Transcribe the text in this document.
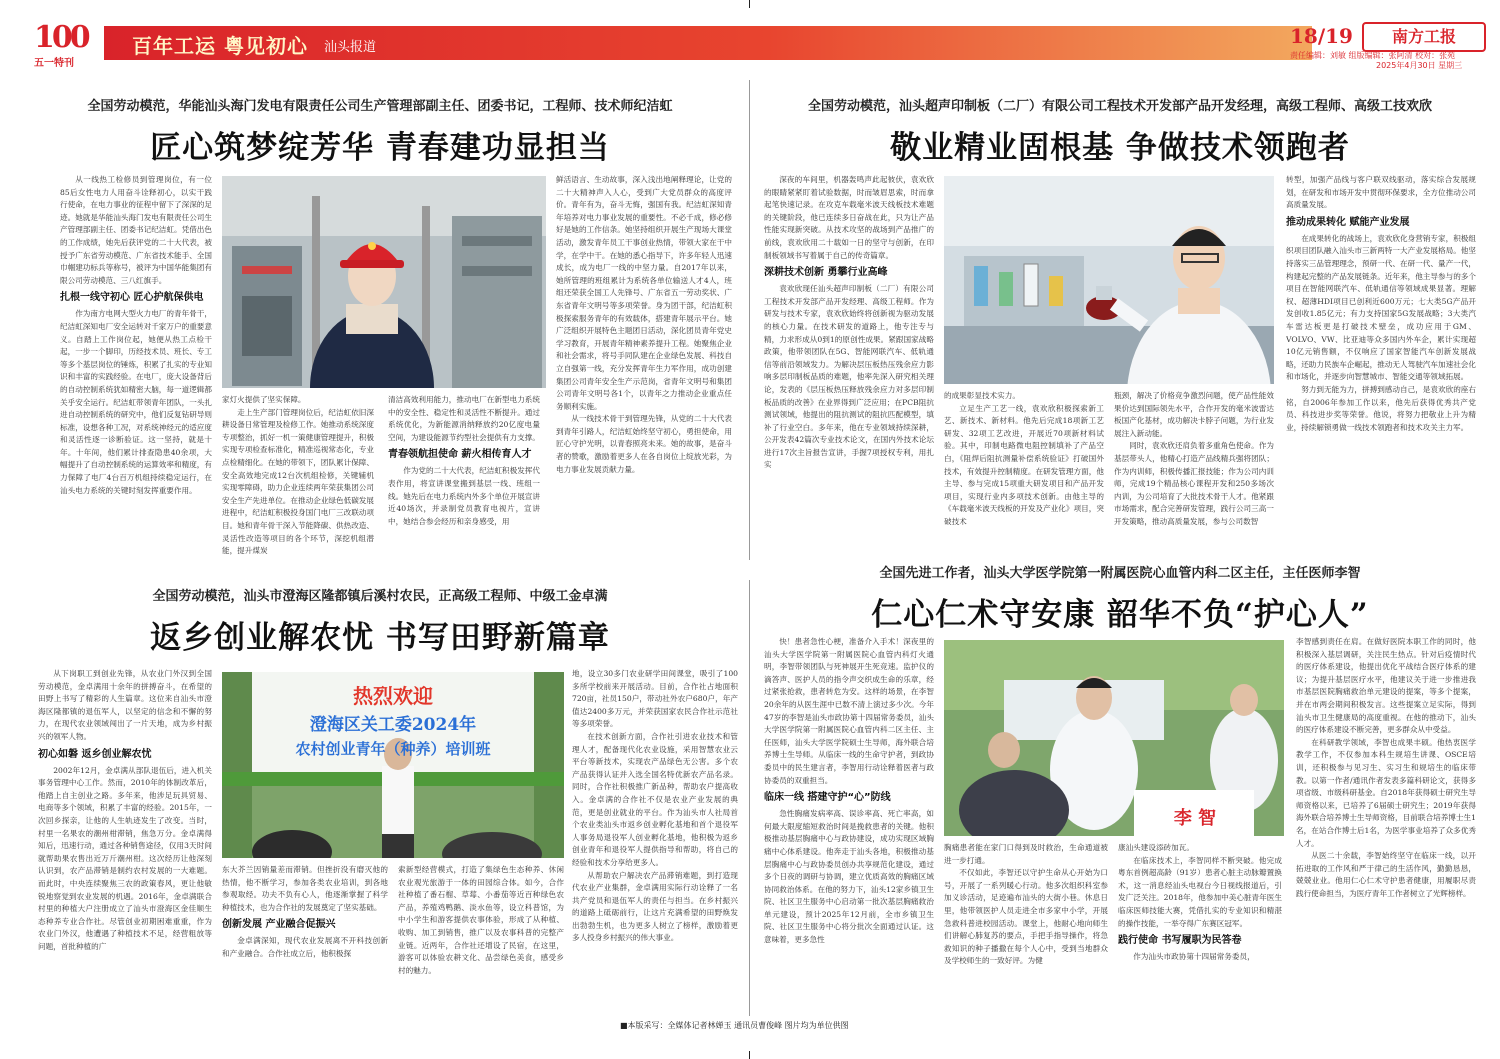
100
五一特刊
百年工运 粤见初心 汕头报道	18/19	南方工报
责任编辑：刘敏 组版编辑：张阿清 校对：张苑
2025年4月30日 星期三
全国劳动模范，华能汕头海门发电有限责任公司生产管理部副主任、团委书记，工程师、技术师纪洁虹
匠心筑梦绽芳华 青春建功显担当

从一线热工检修员到管理岗位，有一位85后女性电力人用奋斗诠释初心，以实干践行使命，在电力事业的征程中留下了深深的足迹。她就是华能汕头海门发电有限责任公司生产管理部副主任、团委书记纪洁虹。凭借出色的工作成绩，她先后获评党的二十大代表，被授予广东省劳动模范、广东省技术能手、全国巾帼建功标兵等称号，被评为中国华能集团有限公司劳动模范、三八红旗手。

扎根一线守初心 匠心护航保供电

作为南方电网大型火力电厂的青年骨干，纪洁虹深知电厂安全运转对千家万户的重要意义。自踏上工作岗位起，她便从热工点检干起，一步一个脚印，历经技术员、班长、专工等多个基层岗位的锤炼，积累了扎实的专业知识和丰富的实践经验。在电厂，庞大设备背后的自动控制系统犹如精密大脑，每一道逻辑都关乎安全运行。纪洁虹带领青年团队，一头扎进自动控制系统的研究中，他们反复钻研导则标准，设想各种工况，对系统神经元的适应度和灵活性逐一诊断验证。这一坚持，就是十年。十年间，他们累计排查隐患40余项，大幅提升了自动控制系统的运算效率和精度，有力保障了电厂4台百万机组持续稳定运行，在汕头电力系统的关键时刻发挥重要作用。

家灯火提供了坚实保障。

走上生产部门管理岗位后，纪洁虹依旧深耕设备日常管理及检修工作。她推动系统深度专项整治，抓好一机一策健康管理提升，积极实现专项检查标准化，精准巡视常态化，专业点检精细化。在她的带领下，团队累计保障、安全高效地完成12台次机组检修，关键辅机实现零障碍，助力企业连续两年荣获集团公司安全生产先进单位。在推动企业绿色低碳发展进程中，纪洁虹积极投身国门电厂三改联动项目。她和青年骨干深入节能降碳、供热改造、灵活性改造等项目的各个环节，深挖机组潜能，提升煤炭

清洁高效利用能力，推动电厂在新型电力系统中的安全性、稳定性和灵活性不断提升。通过系统优化，为新能源消纳释放约20亿度电量空间，为建设能源节约型社会提供有力支撑。

青春领航担使命 薪火相传育人才

作为党的二十大代表，纪洁虹积极发挥代表作用，将宣讲课堂搬到基层一线、班组一线。她先后在电力系统内外多个单位开展宣讲近40场次，并录制党员教育电视片，宣讲中，她结合参会经历和亲身感受，用

鲜活语言、生动故事，深入浅出地阐释理论，让党的二十大精神声入人心，受到广大党员群众的高度评价。青年有为，奋斗无悔，强国有我。纪洁虹深知青年培养对电力事业发展的重要性。不必千成，修必修好是她的工作信条。她坚持组织开展生产现场大课堂活动，激发青年员工干事创业热情，带领大家在干中学，在学中干。在她的悉心指导下，许多年轻人迅速成长，成为电厂一线的中坚力量。自2017年以来，她所管理的班组累计为系统各单位输送人才4人，班组还荣获全国工人先锋号、广东省五一劳动奖状、广东省青年文明号等多项荣誉。身为团干部，纪洁虹积极探索服务青年的有效载体，搭建青年展示平台。她广泛组织开展特色主题团日活动，深化团员青年党史学习教育，开展青年精神素养提升工程。她聚焦企业和社会需求，将号手同队建在企业绿色发展、科技自立自强第一线，充分发挥青年生力军作用，成功创建集团公司青年安全生产示范岗，省青年文明号和集团公司青年文明号各1个，以青年之力推动企业重点任务顺利实施。

从一线技术骨干到管理先锋，从党的二十大代表到青年引路人，纪洁虹始终坚守初心，勇担使命，用匠心守护光明，以青春照亮未来。她的故事，是奋斗者的赞歌，激励着更多人在各自岗位上绽放光彩，为电力事业发展贡献力量。

全国劳动模范，汕头超声印制板（二厂）有限公司工程技术开发部产品开发经理，高级工程师、高级工技欢欣
敬业精业固根基 争做技术领跑者

深夜的车间里，机器轰鸣声此起彼伏，袁欢欣的眼睛紧紧盯着试验数据，时而皱眉思索，时而拿起笔快速记录。在攻克车载毫米波天线板技术难题的关键阶段，他已连续多日奋战在此，只为让产品性能实现新突破。从技术攻坚的战场到产品推广的前线，袁欢欣用二十载如一日的坚守与创新，在印制板领域书写着属于自己的传奇篇章。

深耕技术创新 勇攀行业高峰

袁欢欣现任汕头超声印制板（二厂）有限公司工程技术开发部产品开发经理、高级工程师。作为研发与技术专家，袁欢欣始终将创新视为驱动发展的核心力量。在技术研发的道路上，他专注专与精，力求形成从0到1的原创性成果。紧跟国家战略政策，他带领团队在5G、智能网联汽车、低轨通信等前沿领域发力。为解决层压板热压残余应力影响多层印制板品质的难题，他率先深入研究相关理论，发表的《层压板热压释放残余应力对多层印制板品质的改善》在业界得到广泛应用；在PCB阻抗测试领域，他提出的阻抗测试的阻抗匹配模型，填补了行业空白。多年来，他在专业领域持续深耕，公开发表42篇次专业技术论文，在国内外技术论坛进行17次主旨报告宣讲，手握7项授权专利，用扎实

的成果彰显技术实力。

立足生产工艺一线，袁欢欣积极探索新工艺、新技术、新材料。他先后完成18项新工艺研发、32项工艺改进，开展近70项新材料试验。其中，印制电路微电阻控制填补了产品空白，《阻焊后阻抗测量补偿系统验证》打破国外技术，有效提升控制精度。在研发管理方面，他主导、参与完成15项重大研发项目和产品开发项目，实现行业内多项技术创新。由他主导的《车载毫米波天线板的开发及产业化》项目，突破技术

瓶颈，解决了价格竞争激烈问题，使产品性能效果价达到国际领先水平，合作开发的毫米波雷达板国产化基材，成功解决卡脖子问题，为行业发展注入新动能。

同时，袁欢欣还肩负着多重角色使命。作为基层带头人，他精心打造产品线精兵强将团队；作为内训师，积极传播汇报技能；作为公司内训师，完成19个精品核心课程开发和250多场次内训，为公司培育了大批技术骨干人才。他紧跟市场需求，配合完善研发管理，践行公司三高一开发策略，推动高质量发展，参与公司数智

转型，加强产品线与客户联双线驱动，落实综合发展规划，在研发和市场开发中贯彻环保要求，全方位推动公司高质量发展。

推动成果转化 赋能产业发展

在成果转化的战场上，袁欢欣化身营销专家，积极组织项目团队融入汕头市三新两特一大产业发展格局。他坚持落实三品管理理念，预研一代、在研一代、量产一代，构建起完整的产品发展链条。近年来，他主导参与的多个项目在智能网联汽车、低轨通信等领域成果显著。理解权、超薄HDI项目已创利近600万元；七大类5G产品开发创收1.85亿元；有力支持国家5G发展战略；3大类汽车雷达板更是打破技术壁垒，成功应用于GM、VOLVO、VW、比亚迪等众多国内外车企，累计实现超10亿元销售额，不仅响应了国家智能汽车创新发展战略，还助力民族车企崛起，推动无人驾驶汽车加速社会化和市场化，并逐步向智慧城市、智能交通等领域拓展。

努力到无能为力，拼搏到感动自己，是袁欢欣的座右铭，自2006年参加工作以来，他先后获得优秀共产党员、科技进步奖等荣誉。他说，将努力把敬业上升为精业，持续解锁勇做一线技术领跑者和技术攻关主力军。

全国劳动模范，汕头市澄海区隆都镇后溪村农民，正高级工程师、中级工金卓满
返乡创业解农忧 书写田野新篇章

从下岗职工到创业先锋，从农业门外汉到全国劳动模范，金卓满用十余年的拼搏奋斗，在希望的田野上书写了精彩的人生篇章。这位来自汕头市澄海区隆都镇的退伍军人，以坚定的信念和不懈的努力，在现代农业领域闯出了一片天地，成为乡村振兴的领军人物。

初心如磐 返乡创业解农忧

2002年12月，金卓满从部队退伍后，进入机关事务管理中心工作。然而，2010年的体制改革后，他踏上自主创业之路。多年来，他涉足玩具贸易、电商等多个领域，积累了丰富的经验。2015年，一次回乡探亲，让他的人生轨迹发生了改变。当时，村里一名果农的潮州柑滞销，焦急万分。金卓满得知后，迅速行动，通过各种销售途径，仅用3天时间就帮助果农售出近万斤潮州柑。这次经历让他深刻认识到，农产品滞销是制约农村发展的一大难题。而此时，中央连续聚焦三农的政策春风，更让他敏锐地察觉到农业发展的机遇。2016年，金卓满联合村里的种植大户注册成立了汕头市澄海区金佳顺生态种养专业合作社。尽管创业初期困难重重，作为农业门外汉，他遭遇了种植技术不足，经营粗放等问题，首批种植的广

热烈欢迎
澄海区关工委2024年
农村创业青年（种养）培训班

东大芥兰因销量差而滞销。但挫折没有磨灭他的热情，他不断学习，参加各类农业培训，到各地参观取经。功夫不负有心人，他逐渐掌握了科学种植技术，也为合作社的发展奠定了坚实基础。

创新发展 产业融合促振兴

金卓满深知，现代农业发展离不开科技创新和产业融合。合作社成立后，他积极探

索新型经营模式，打造了集绿色生态种养、休闲农业观光旅游于一体的田园综合体。如今，合作社种植了番石榴、草莓、小番茄等近百种绿色农产品，养殖鸡鸭鹅、淡水鱼等，设立科普馆，为中小学生和游客提供农事体验，形成了从种植、收购、加工到销售，推广以及农事科普的完整产业链。近两年，合作社还增设了民宿，在这里，游客可以体验农耕文化、品尝绿色美食，感受乡村的魅力。

地，设立30多门农业研学田间课堂，吸引了100多所学校前来开展活动。目前，合作社占地面积720亩，社员150户，带动社外农户680户，年产值达2400多万元，并荣获国家农民合作社示范社等多项荣誉。

在技术创新方面，合作社引进农业技术和管理人才，配备现代化农业设施，采用智慧农业云平台等新技术，实现农产品绿色无公害。多个农产品获得认证并入选全国名特优新农产品名录。同时，合作社积极推广新品种，帮助农户提高收入。金卓满的合作社不仅是农业产业发展的典范，更是创业就业的平台。作为汕头市人社局首个农业类汕头市返乡创业孵化基地和首个退役军人事务局退役军人创业孵化基地，他积极为返乡创业青年和退役军人提供指导和帮助，将自己的经验和技术分享给更多人。

从帮助农户解决农产品滞销难题，到打造现代农业产业集群，金卓满用实际行动诠释了一名共产党员和退伍军人的责任与担当。在乡村振兴的道路上砥砺前行，让这片充满希望的田野焕发出勃勃生机，也为更多人树立了榜样，激励着更多人投身乡村振兴的伟大事业。

全国先进工作者，汕头大学医学院第一附属医院心血管内科二区主任，主任医师李智
仁心仁术守安康 韶华不负“护心人”

快！患者急性心梗，准备介入手术！深夜里的汕头大学医学院第一附属医院心血管内科灯火通明，李智带领团队与死神展开生死竞速。监护仪的滴答声、医护人员的指令声交织成生命的乐章，经过紧张抢救，患者转危为安。这样的场景，在李智20余年的从医生涯中已数不清上演过多少次。今年47岁的李智是汕头市政协第十四届常务委员，汕头大学医学院第一附属医院心血管内科二区主任、主任医师，汕头大学医学院硕士生导师，海外联合培养博士生导师。从临床一线的生命守护者，到政协委员中的民生建言者，李智用行动诠释着医者与政协委员的双重担当。

临床一线 搭建守护“心”防线

急性胸痛发病率高、误诊率高、死亡率高，如何最大限度缩短救治时间是挽救患者的关键。他积极推动基层胸痛中心与政协建设，成功实现区域胸痛中心体系建设。他奔走于汕头各地，积极推动基层胸痛中心与政协委员创办共享规范化建设，通过多个日夜的调研与协调，建立优质高效的胸痛区域协同救治体系。在他的努力下，汕头12家乡镇卫生院、社区卫生服务中心启动第一批次基层胸痛救治单元建设，预计2025年12月前，全市乡镇卫生院、社区卫生服务中心将分批次全面通过认证。这意味着，更多急性

李 智

胸痛患者能在家门口得到及时救治，生命通道被进一步打通。

不仅如此，李智还以守护生命从心开始为口号，开展了一系列暖心行动。他多次组织科室参加义诊活动，足迹遍布汕头的大街小巷。休息日里，他带领医护人员走进全市多家中小学，开展急救科普进校园活动。课堂上，他耐心地向师生们讲解心肺复苏的要点，手把手指导操作，将急救知识的种子播撒在每个人心中，受到当地群众及学校师生的一致好评。为健

康汕头建设添砖加瓦。

在临床技术上，李智同样不断突破。他完成粤东首例超高龄（91岁）患者心脏主动脉瓣置换术，这一消息经汕头电视台今日视线报道后，引发广泛关注。2018年，他参加中美心脏青年医生临床医师技能大赛，凭借扎实的专业知识和精湛的操作技能，一举夺得广东赛区冠军。

践行使命 书写履职为民答卷

作为汕头市政协第十四届常务委员，

李智感到责任在肩。在做好医院本职工作的同时，他积极深入基层调研，关注民生热点。针对后疫情时代的医疗体系建设，他提出优化平战结合医疗体系的建议；为提升基层医疗水平，他建议关于进一步推进我市基层医院胸痛救治单元建设的提案，等多个提案，并在市两会期间积极发言。这些提案立足实际，得到汕头市卫生健康局的高度重视。在他的推动下，汕头的医疗体系建设不断完善，更多群众从中受益。

在科研教学领域，李智也成果丰硕。他热衷医学教学工作，不仅参加本科生规培生讲课、OSCE培训，还积极参与见习生、实习生和规培生的临床带教。以第一作者/通讯作者发表多篇科研论文，获得多项省级、市级科研基金。自2018年获得硕士研究生导师资格以来，已培养了6届硕士研究生；2019年获得海外联合培养博士生导师资格，目前联合培养博士生1名，在站合作博士后1名，为医学事业培养了众多优秀人才。

从医二十余载，李智始终坚守在临床一线，以开拓进取的工作风和严于律己的生活作风，勤勤恳恳，兢兢业业。他用仁心仁术守护患者健康，用履职尽责践行使命担当，为医疗青年工作者树立了光辉榜样。

■本版采写：全媒体记者林婵玉 通讯员曹俊峰 图片均为单位供图
